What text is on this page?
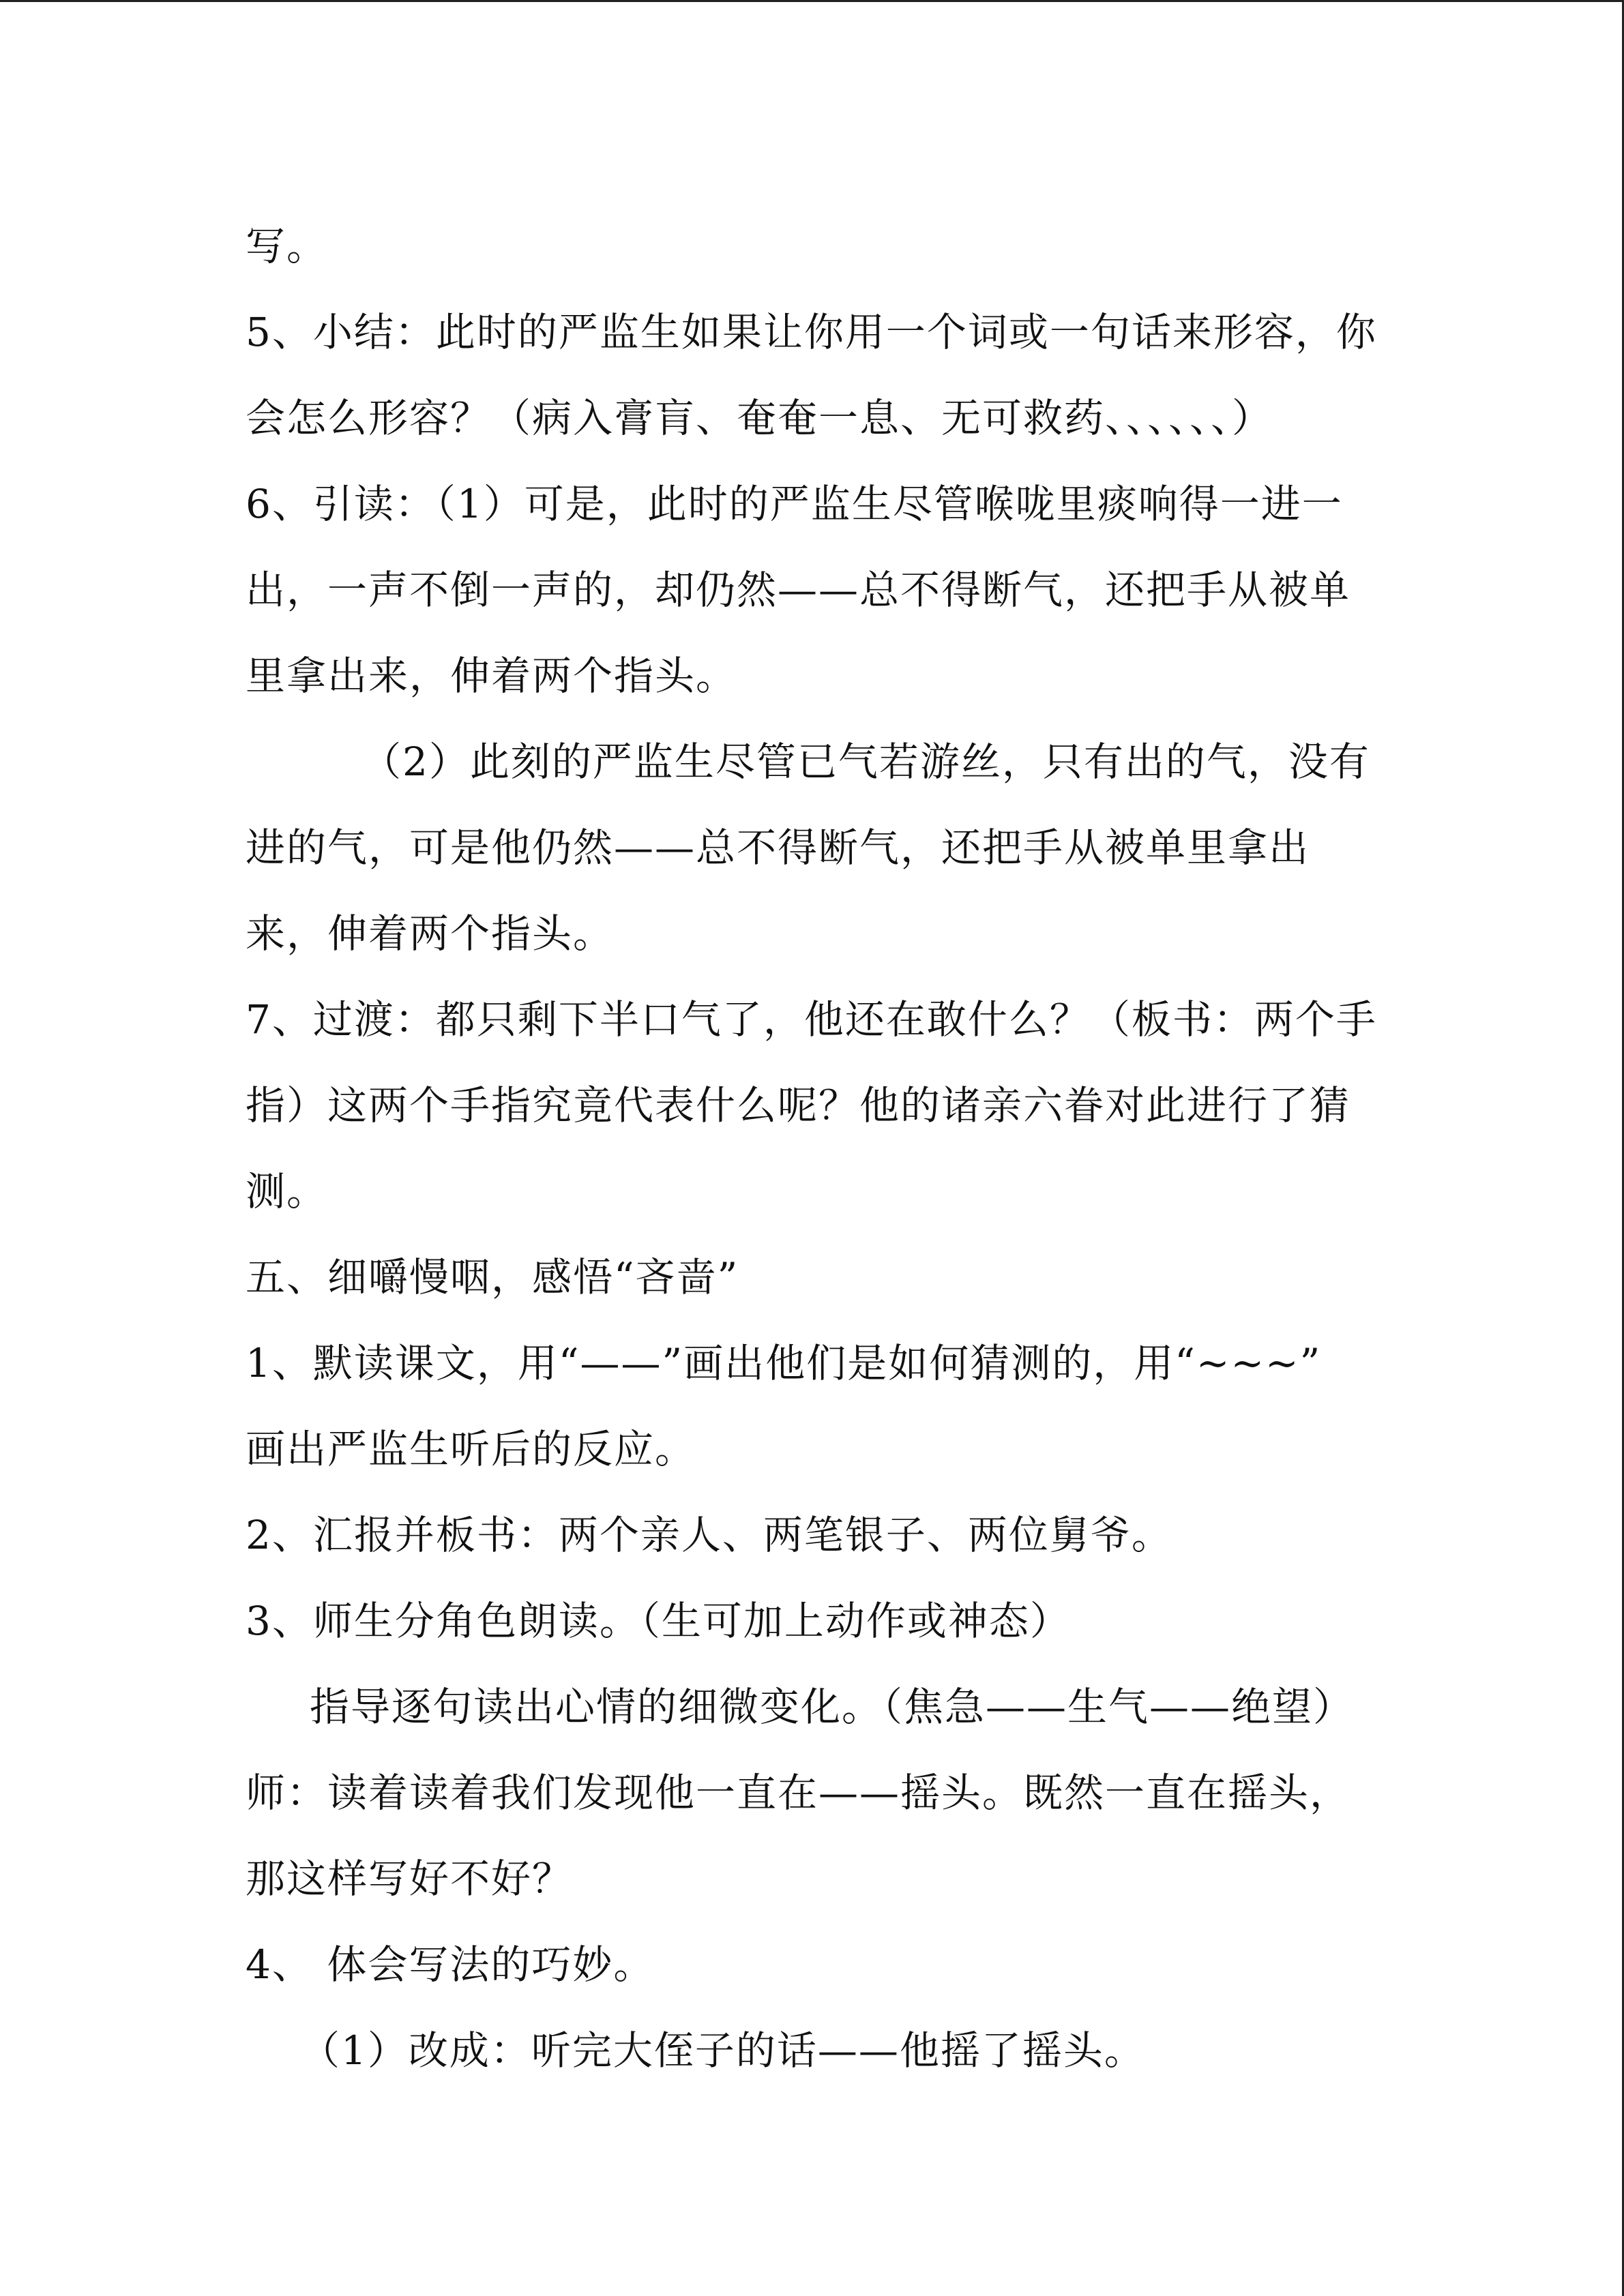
写。
5、小结：此时的严监生如果让你用一个词或一句话来形容，你
会怎么形容？（病入膏肓、奄奄一息、无可救药、、、、、、）
6、引读：（1）可是，此时的严监生尽管喉咙里痰响得一进一
出，一声不倒一声的，却仍然——总不得断气，还把手从被单
里拿出来，伸着两个指头。
（2）此刻的严监生尽管已气若游丝，只有出的气，没有
进的气，可是他仍然——总不得断气，还把手从被单里拿出
来，伸着两个指头。
7、过渡：都只剩下半口气了，他还在敢什么？（板书：两个手
指）这两个手指究竟代表什么呢？他的诸亲六眷对此进行了猜
测。
五、细嚼慢咽，感悟“吝啬”
1、默读课文，用“——”画出他们是如何猜测的，用“~~~”
画出严监生听后的反应。
2、汇报并板书：两个亲人、两笔银子、两位舅爷。
3、师生分角色朗读。（生可加上动作或神态）
指导逐句读出心情的细微变化。（焦急——生气——绝望）
师：读着读着我们发现他一直在——摇头。既然一直在摇头，
那这样写好不好？
4、 体会写法的巧妙。
（1）改成：听完大侄子的话——他摇了摇头。
